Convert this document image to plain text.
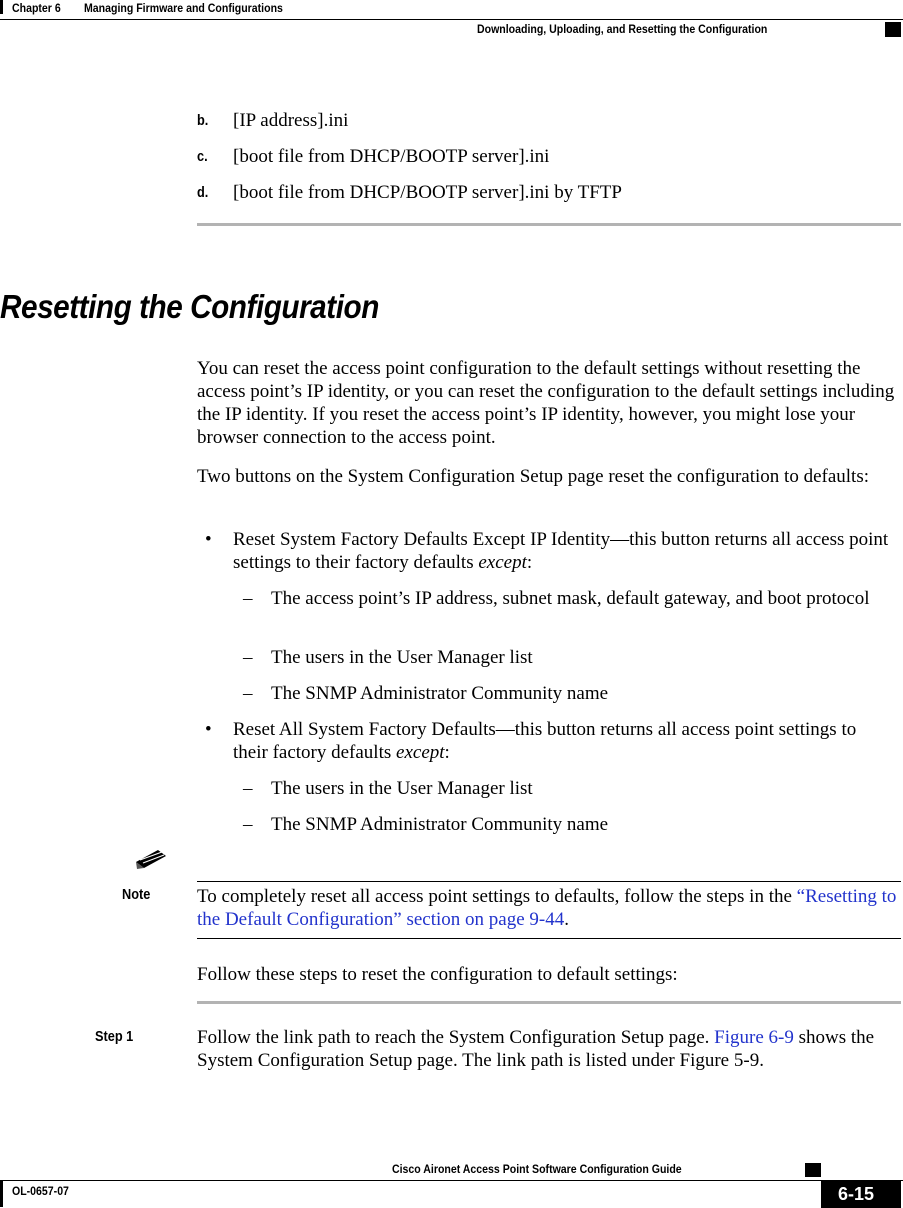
Chapter 6 Managing Firmware and Configurations
Downloading, Uploading, and Resetting the Configuration
b. [IP address].ini
c. [boot file from DHCP/BOOTP server].ini
d. [boot file from DHCP/BOOTP server].ini by TFTP
Resetting the Configuration
You can reset the access point configuration to the default settings without resetting the access point’s IP identity, or you can reset the configuration to the default settings including the IP identity. If you reset the access point’s IP identity, however, you might lose your browser connection to the access point.
Two buttons on the System Configuration Setup page reset the configuration to defaults:
• Reset System Factory Defaults Except IP Identity—this button returns all access point settings to their factory defaults except:
– The access point’s IP address, subnet mask, default gateway, and boot protocol
– The users in the User Manager list
– The SNMP Administrator Community name
• Reset All System Factory Defaults—this button returns all access point settings to their factory defaults except:
– The users in the User Manager list
– The SNMP Administrator Community name
Note To completely reset all access point settings to defaults, follow the steps in the “Resetting to the Default Configuration” section on page 9-44.
Follow these steps to reset the configuration to default settings:
Step 1	Follow the link path to reach the System Configuration Setup page. Figure 6-9 shows the System Configuration Setup page. The link path is listed under Figure 5-9.
Cisco Aironet Access Point Software Configuration Guide
OL-0657-07	6-15
